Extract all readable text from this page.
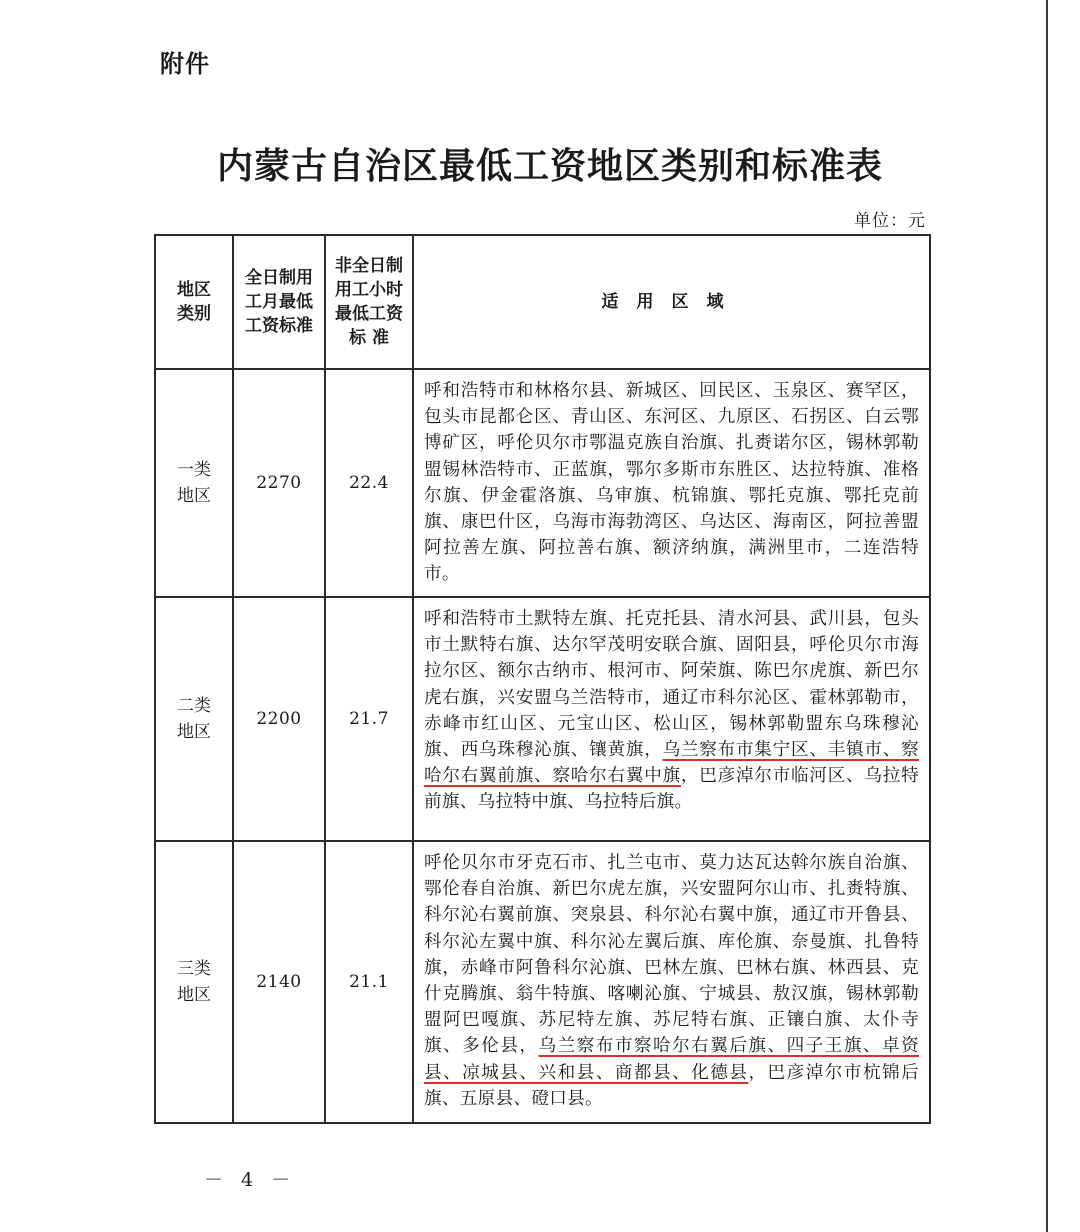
附件
内蒙古自治区最低工资地区类别和标准表
单位：元
地区类别	全日制用工月最低工资标准	非全日制用工小时最低工资标 准	适用区域
一类地区	2270	22.4	呼和浩特市和林格尔县、新城区、回民区、玉泉区、赛罕区，包头市昆都仑区、青山区、东河区、九原区、石拐区、白云鄂博矿区，呼伦贝尔市鄂温克族自治旗、扎赉诺尔区，锡林郭勒盟锡林浩特市、正蓝旗，鄂尔多斯市东胜区、达拉特旗、准格尔旗、伊金霍洛旗、乌审旗、杭锦旗、鄂托克旗、鄂托克前旗、康巴什区，乌海市海勃湾区、乌达区、海南区，阿拉善盟阿拉善左旗、阿拉善右旗、额济纳旗，满洲里市，二连浩特市。
二类地区	2200	21.7	呼和浩特市土默特左旗、托克托县、清水河县、武川县，包头市土默特右旗、达尔罕茂明安联合旗、固阳县，呼伦贝尔市海拉尔区、额尔古纳市、根河市、阿荣旗、陈巴尔虎旗、新巴尔虎右旗，兴安盟乌兰浩特市，通辽市科尔沁区、霍林郭勒市，赤峰市红山区、元宝山区、松山区，锡林郭勒盟东乌珠穆沁旗、西乌珠穆沁旗、镶黄旗，乌兰察布市集宁区、丰镇市、察哈尔右翼前旗、察哈尔右翼中旗，巴彦淖尔市临河区、乌拉特前旗、乌拉特中旗、乌拉特后旗。
三类地区	2140	21.1	呼伦贝尔市牙克石市、扎兰屯市、莫力达瓦达斡尔族自治旗、鄂伦春自治旗、新巴尔虎左旗，兴安盟阿尔山市、扎赉特旗、科尔沁右翼前旗、突泉县、科尔沁右翼中旗，通辽市开鲁县、科尔沁左翼中旗、科尔沁左翼后旗、库伦旗、奈曼旗、扎鲁特旗，赤峰市阿鲁科尔沁旗、巴林左旗、巴林右旗、林西县、克什克腾旗、翁牛特旗、喀喇沁旗、宁城县、敖汉旗，锡林郭勒盟阿巴嘎旗、苏尼特左旗、苏尼特右旗、正镶白旗、太仆寺旗、多伦县，乌兰察布市察哈尔右翼后旗、四子王旗、卓资县、凉城县、兴和县、商都县、化德县，巴彦淖尔市杭锦后旗、五原县、磴口县。
－ 4 －
